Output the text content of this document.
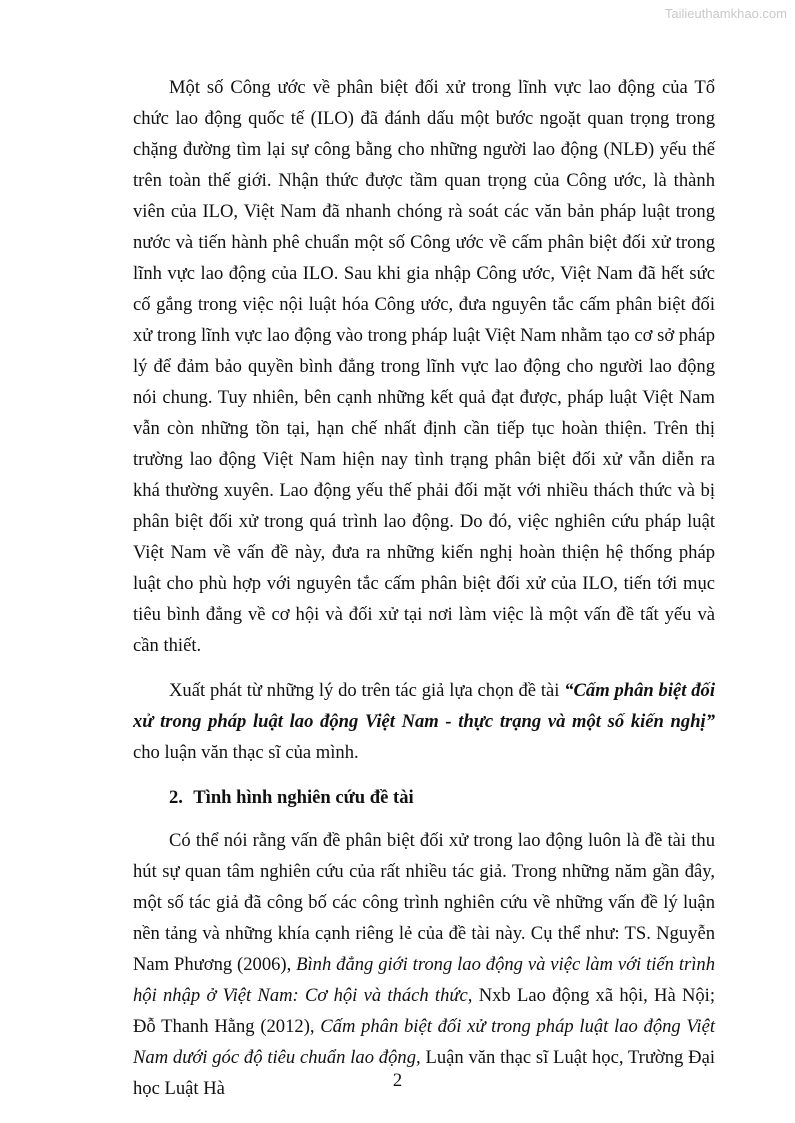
Tailieuthamkhao.com

Một số Công ước về phân biệt đối xử trong lĩnh vực lao động của Tổ chức lao động quốc tế (ILO) đã đánh dấu một bước ngoặt quan trọng trong chặng đường tìm lại sự công bằng cho những người lao động (NLĐ) yếu thế trên toàn thế giới. Nhận thức được tầm quan trọng của Công ước, là thành viên của ILO, Việt Nam đã nhanh chóng rà soát các văn bản pháp luật trong nước và tiến hành phê chuẩn một số Công ước về cấm phân biệt đối xử trong lĩnh vực lao động của ILO. Sau khi gia nhập Công ước, Việt Nam đã hết sức cố gắng trong việc nội luật hóa Công ước, đưa nguyên tắc cấm phân biệt đối xử trong lĩnh vực lao động vào trong pháp luật Việt Nam nhằm tạo cơ sở pháp lý để đảm bảo quyền bình đẳng trong lĩnh vực lao động cho người lao động nói chung. Tuy nhiên, bên cạnh những kết quả đạt được, pháp luật Việt Nam vẫn còn những tồn tại, hạn chế nhất định cần tiếp tục hoàn thiện. Trên thị trường lao động Việt Nam hiện nay tình trạng phân biệt đối xử vẫn diễn ra khá thường xuyên. Lao động yếu thế phải đối mặt với nhiều thách thức và bị phân biệt đối xử trong quá trình lao động. Do đó, việc nghiên cứu pháp luật Việt Nam về vấn đề này, đưa ra những kiến nghị hoàn thiện hệ thống pháp luật cho phù hợp với nguyên tắc cấm phân biệt đối xử của ILO, tiến tới mục tiêu bình đẳng về cơ hội và đối xử tại nơi làm việc là một vấn đề tất yếu và cần thiết.

Xuất phát từ những lý do trên tác giả lựa chọn đề tài “Cấm phân biệt đối xử trong pháp luật lao động Việt Nam - thực trạng và một số kiến nghị” cho luận văn thạc sĩ của mình.

2. Tình hình nghiên cứu đề tài

Có thể nói rằng vấn đề phân biệt đối xử trong lao động luôn là đề tài thu hút sự quan tâm nghiên cứu của rất nhiều tác giả. Trong những năm gần đây, một số tác giả đã công bố các công trình nghiên cứu về những vấn đề lý luận nền tảng và những khía cạnh riêng lẻ của đề tài này. Cụ thể như: TS. Nguyễn Nam Phương (2006), Bình đẳng giới trong lao động và việc làm với tiến trình hội nhập ở Việt Nam: Cơ hội và thách thức, Nxb Lao động xã hội, Hà Nội; Đỗ Thanh Hằng (2012), Cấm phân biệt đối xử trong pháp luật lao động Việt Nam dưới góc độ tiêu chuẩn lao động, Luận văn thạc sĩ Luật học, Trường Đại học Luật Hà	2
